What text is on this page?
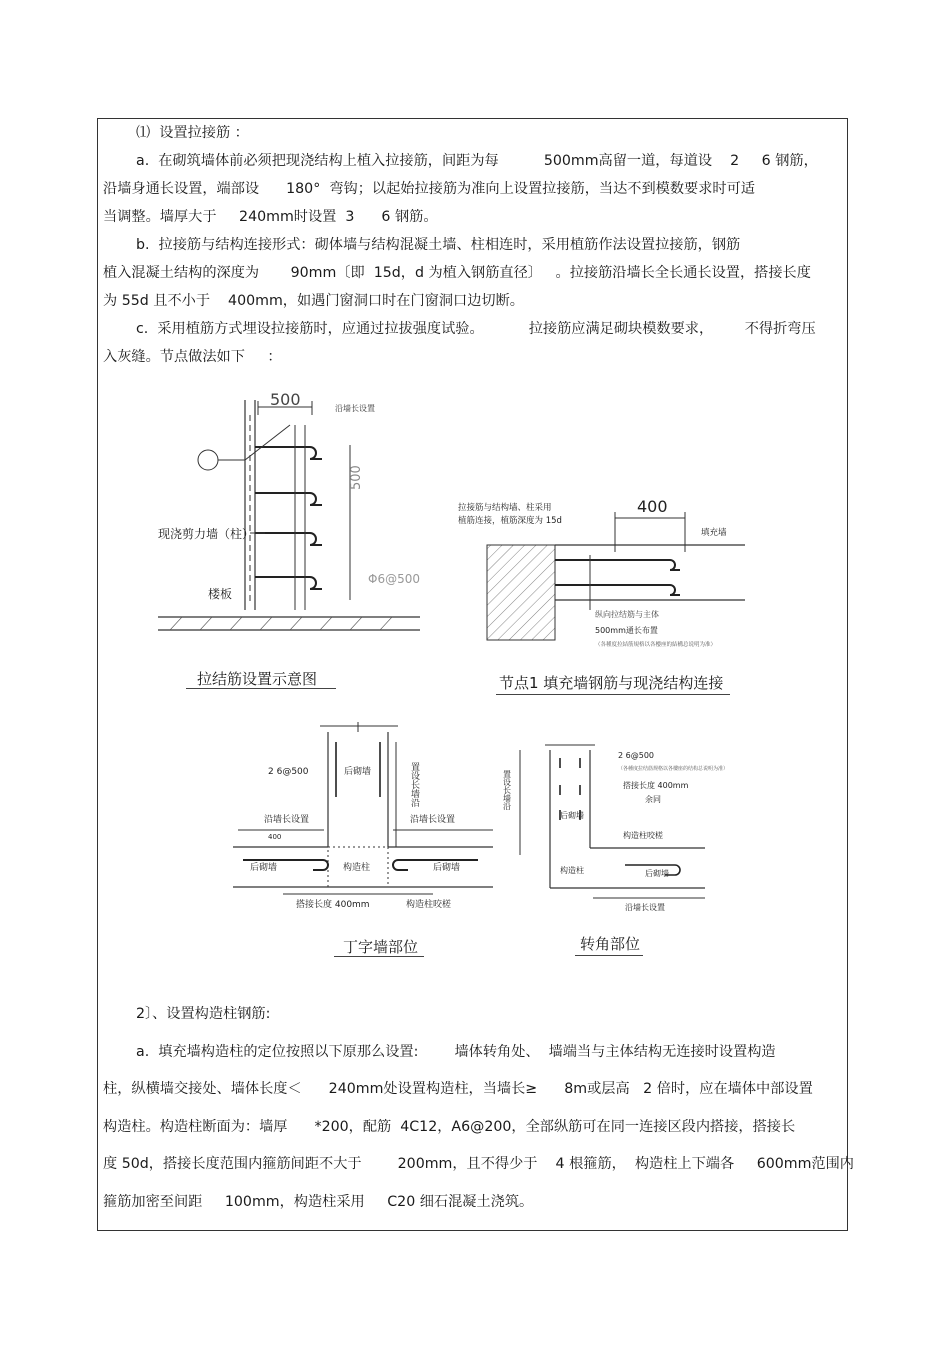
⑴  设置拉接筋 ：
a.  在砌筑墙体前必须把现浇结构上植入拉接筋，间距为每          500mm高留一道，每道设    2     6 钢筋，
沿墙身通长设置，端部设      180°  弯钩；以起始拉接筋为准向上设置拉接筋，当达不到模数要求时可适
当调整。墙厚大于     240mm时设置  3      6 钢筋。
b.  拉接筋与结构连接形式：砌体墙与结构混凝土墙、柱相连时，采用植筋作法设置拉接筋，钢筋
植入混凝土结构的深度为       90mm〔即  15d，d 为植入钢筋直径〕   。拉接筋沿墙长全长通长设置，搭接长度
为 55d 且不小于    400mm，如遇门窗洞口时在门窗洞口边切断。
c.  采用植筋方式埋设拉接筋时，应通过拉拔强度试验。          拉接筋应满足砌块模数要求，       不得折弯压
入灰缝。节点做法如下     ：
500	沿墙长设置
500
Φ6@500
现浇剪力墙（柱）
楼板
拉结筋设置示意图
拉接筋与结构墙、柱采用
植筋连接，植筋深度为 15d
400
填充墙
纵向拉结筋与主体
500mm通长布置
（各種度拉結筋規格以各樓座的結構总说明为准）
节点1 填充墙钢筋与现浇结构连接
2 6@500	后砌墙	置设长墙沿
沿墙长设置	沿墙长设置
400
后砌墙	后砌墙
构造柱
搭接长度 400mm	构造柱咬槎
丁字墙部位
2 6@500
（各種度拉结筋规格以各樓座的结构总说明为准）
后砌墙
搭接长度 400mm
余同
构造柱咬槎
构造柱	后砌墙
置设长墙沿
沿墙长设置
转角部位
2〕、设置构造柱钢筋:
a.  填充墙构造柱的定位按照以下原那么设置:        墙体转角处、  墙端当与主体结构无连接时设置构造
柱，纵横墙交接处、墙体长度＜      240mm处设置构造柱，当墙长≥      8m或层高   2 倍时，应在墙体中部设置
构造柱。构造柱断面为：墙厚      *200，配筋  4C12，A6@200，全部纵筋可在同一连接区段内搭接，搭接长
度 50d，搭接长度范围内箍筋间距不大于        200mm，且不得少于    4 根箍筋，  构造柱上下端各     600mm范围内
箍筋加密至间距     100mm，构造柱采用     C20 细石混凝土浇筑。
